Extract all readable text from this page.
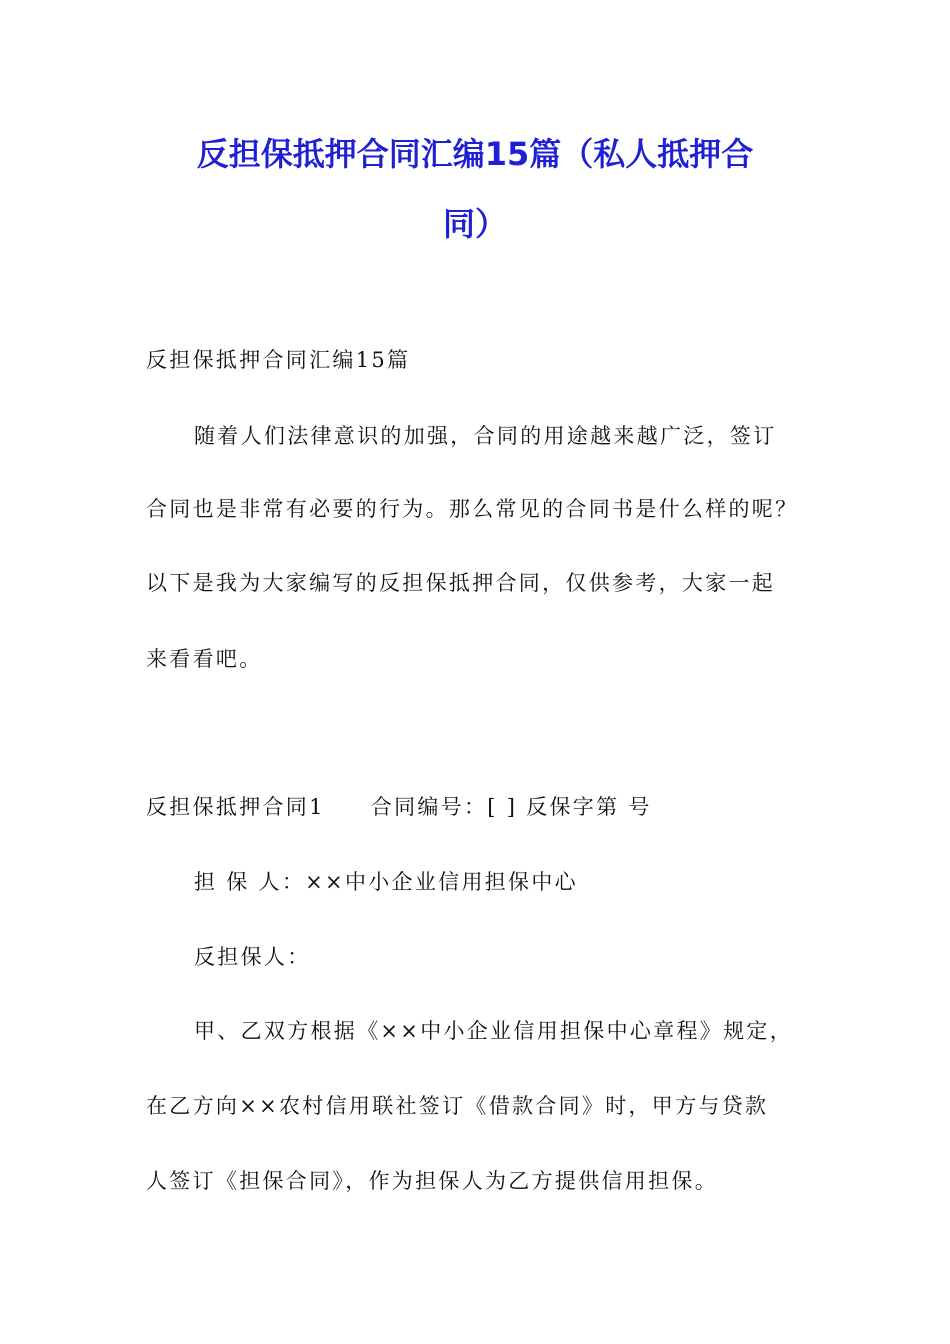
反担保抵押合同汇编15篇（私人抵押合
同）
反担保抵押合同汇编15篇
随着人们法律意识的加强，合同的用途越来越广泛，签订
合同也是非常有必要的行为。那么常见的合同书是什么样的呢？
以下是我为大家编写的反担保抵押合同，仅供参考，大家一起
来看看吧。
反担保抵押合同1 合同编号：[ ] 反保字第 号
担 保 人：××中小企业信用担保中心
反担保人：
甲、乙双方根据《××中小企业信用担保中心章程》规定，
在乙方向××农村信用联社签订《借款合同》时，甲方与贷款
人签订《担保合同》，作为担保人为乙方提供信用担保。
